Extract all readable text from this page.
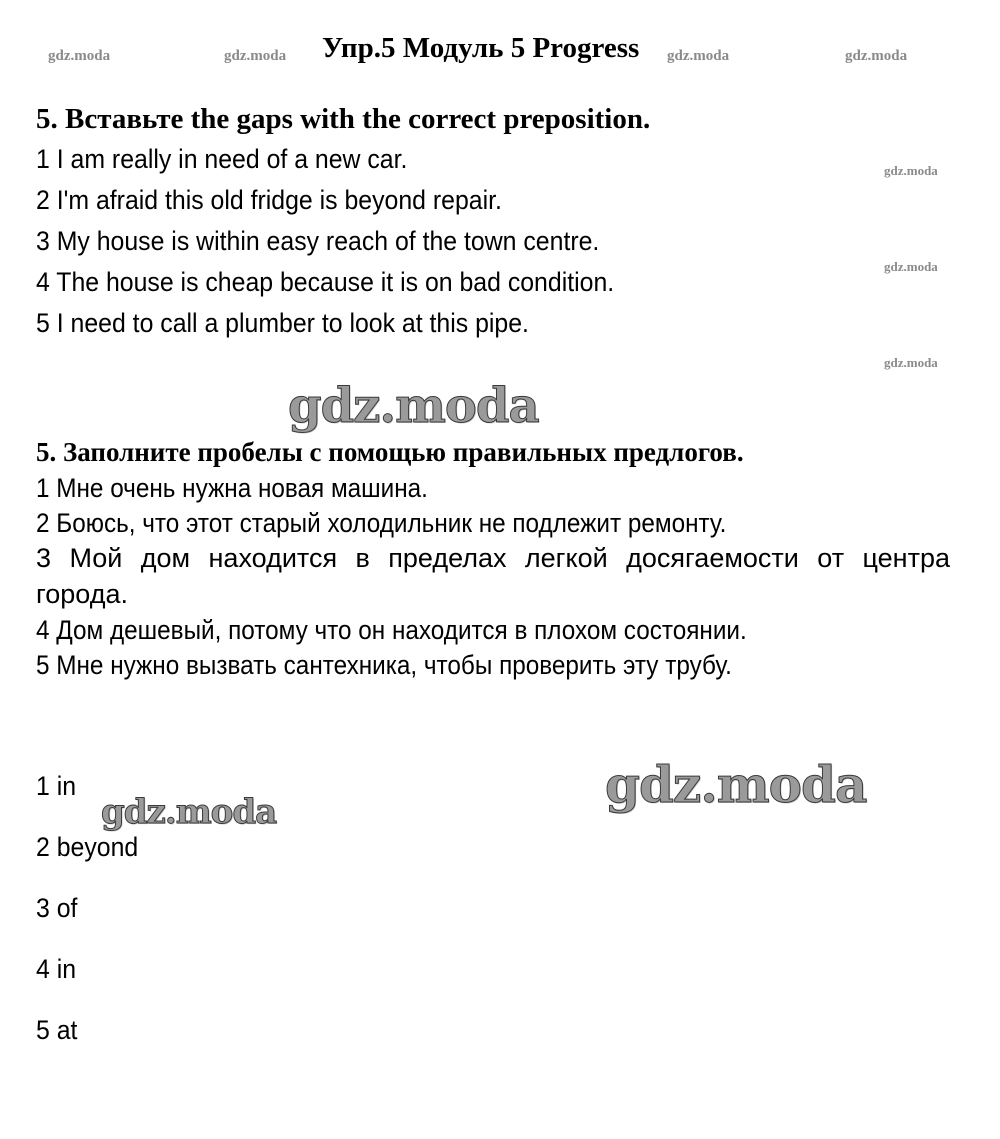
gdz.moda	gdz.moda	gdz.moda	gdz.moda
Упр.5 Модуль 5 Progress
5. Вставьте the gaps with the correct preposition.
1 I am really in need of a new car.
2 I'm afraid this old fridge is beyond repair.
3 My house is within easy reach of the town centre.
4 The house is cheap because it is on bad condition.
5 I need to call a plumber to look at this pipe.
gdz.moda
gdz.moda
gdz.moda
gdz.moda
5. Заполните пробелы с помощью правильных предлогов.
1 Мне очень нужна новая машина.
2 Боюсь, что этот старый холодильник не подлежит ремонту.
3 Мой дом находится в пределах легкой досягаемости от центра города.
4 Дом дешевый, потому что он находится в плохом состоянии.
5 Мне нужно вызвать сантехника, чтобы проверить эту трубу.
1 in
2 beyond
3 of
4 in
5 at
gdz.moda	gdz.moda
